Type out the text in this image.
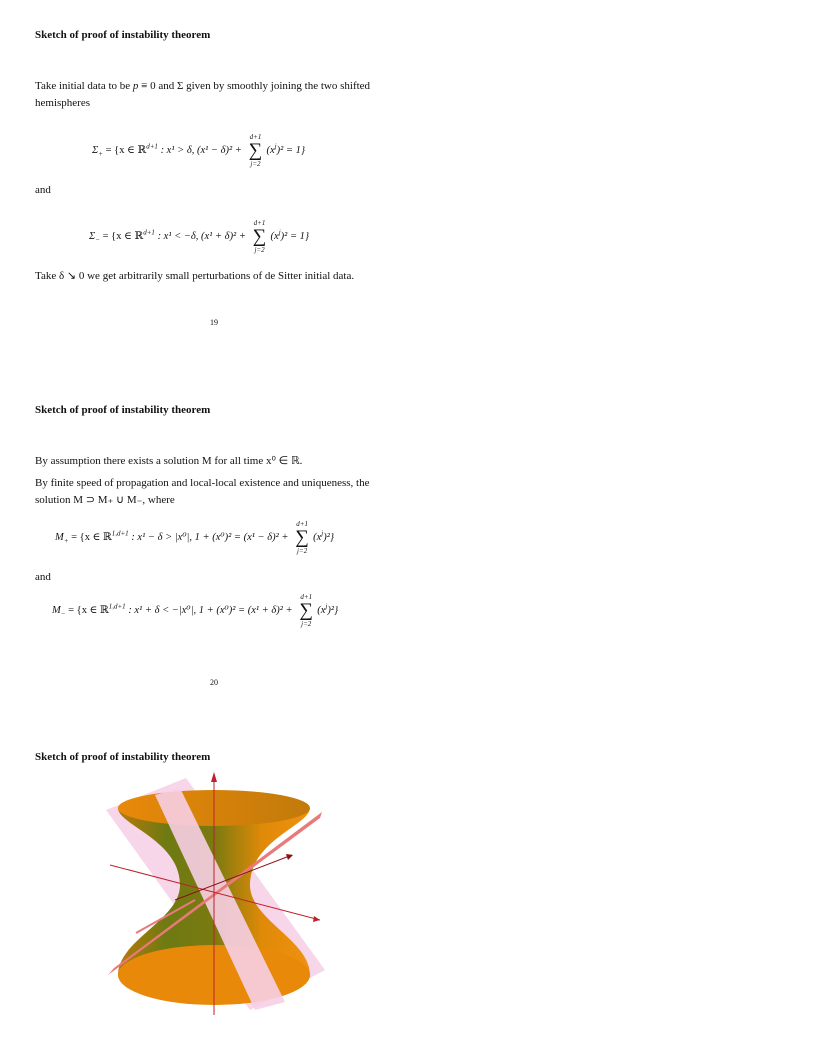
Sketch of proof of instability theorem

Take initial data to be p ≡ 0 and Σ given by smoothly joining the two shifted hemispheres

$\Sigma_+ = \{x$ ∈ ℝ$^{d+1}$ : x¹ > δ, (x¹ − δ)² +
d+1
∑
j=2
$(x^j)^2 = 1$}

and

$\Sigma_- = \{x$ ∈ ℝ$^{d+1}$ : x¹ < −δ, (x¹ + δ)² +
d+1
∑
j=2
$(x^j)^2 = 1$}

Take δ ↘ 0 we get arbitrarily small perturbations of de Sitter initial data.

19
Sketch of proof of instability theorem

By assumption there exists a solution M for all time x⁰ ∈ ℝ.

By finite speed of propagation and local-local existence and uniqueness, the solution M ⊃ M₊ ∪ M₋, where

$M_+ = \{x$ ∈ ℝ$^{1,d+1}$ : x¹ − δ > |x⁰|, 1 + (x⁰)² = (x¹ − δ)² +
d+1
∑
j=2
$(x^j)^2$}

and

$M_- = \{x$ ∈ ℝ$^{1,d+1}$ : x¹ + δ < −|x⁰|, 1 + (x⁰)² = (x¹ + δ)² +
d+1
∑
j=2
$(x^j)^2$}
20
Sketch of proof of instability theorem
